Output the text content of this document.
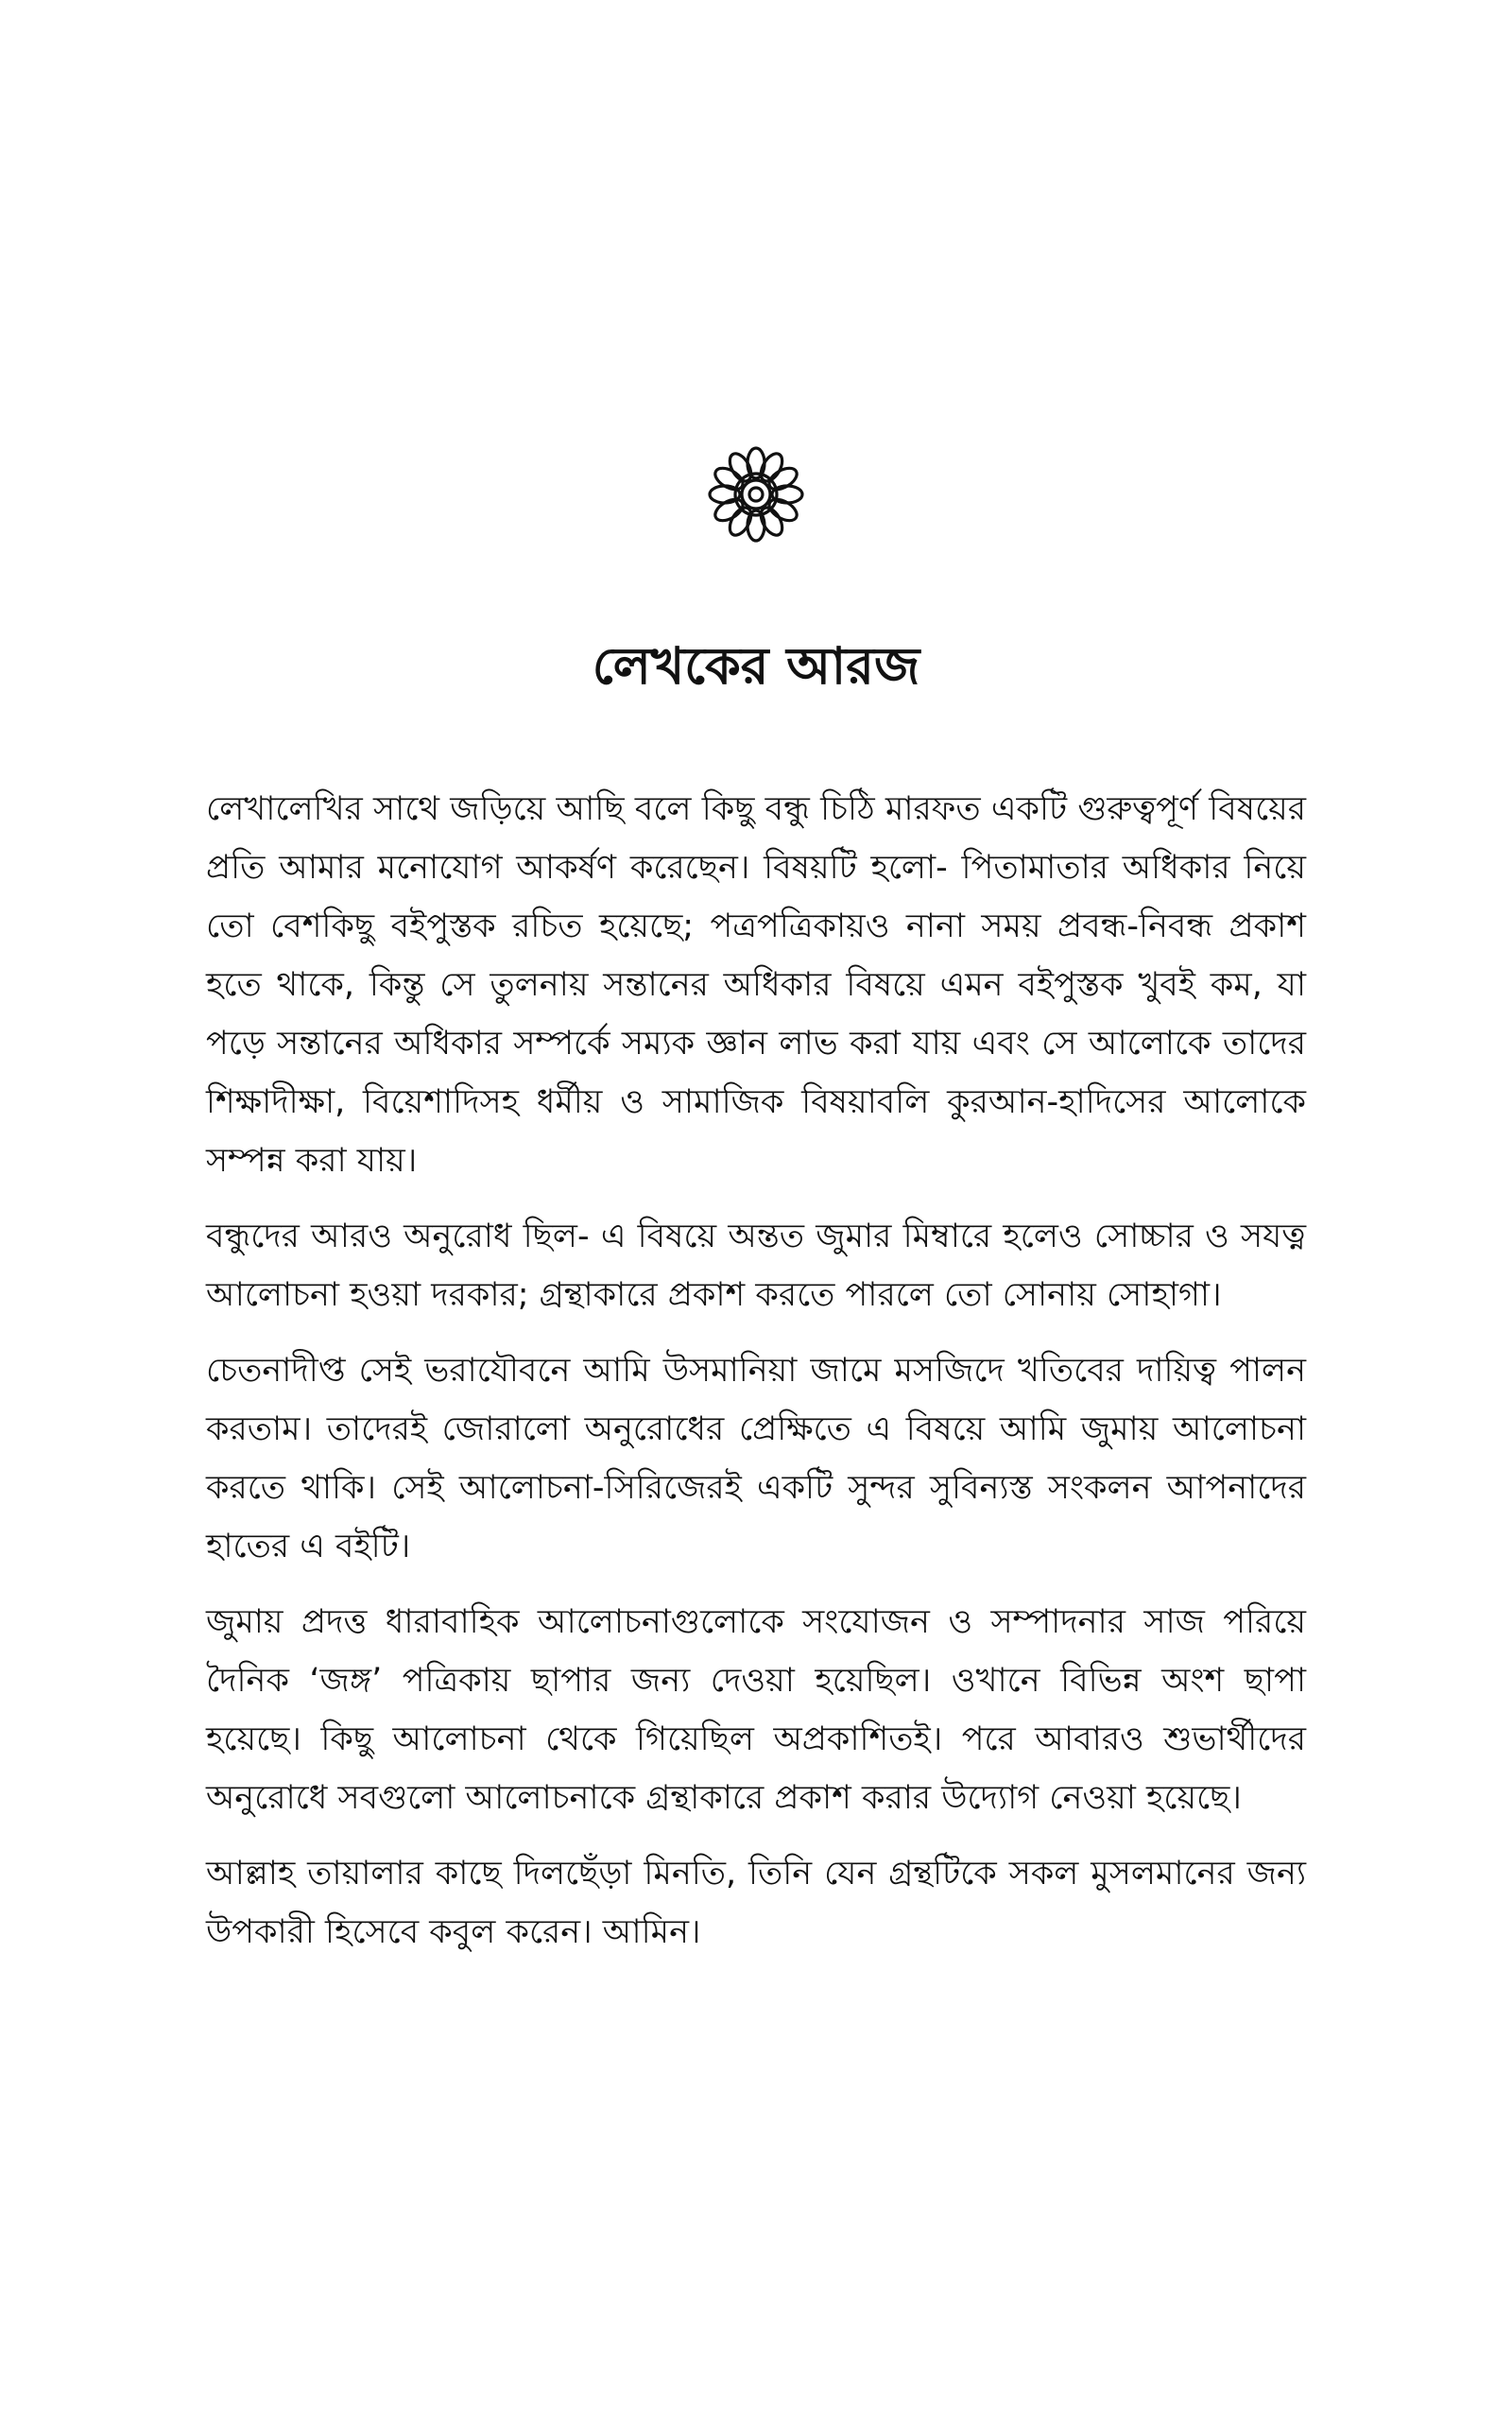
লেখকের আরজ

লেখালেখির সাথে জড়িয়ে আছি বলে কিছু বন্ধু চিঠি মারফত একটি গুরুত্বপূর্ণ বিষয়ের প্রতি আমার মনোযোগ আকর্ষণ করেছেন। বিষয়টি হলো- পিতামাতার অধিকার নিয়ে তো বেশকিছু বইপুস্তক রচিত হয়েছে; পত্রপত্রিকায়ও নানা সময় প্রবন্ধ-নিবন্ধ প্রকাশ হতে থাকে, কিন্তু সে তুলনায় সন্তানের অধিকার বিষয়ে এমন বইপুস্তক খুবই কম, যা পড়ে সন্তানের অধিকার সম্পর্কে সম্যক জ্ঞান লাভ করা যায় এবং সে আলোকে তাদের শিক্ষাদীক্ষা, বিয়েশাদিসহ ধর্মীয় ও সামাজিক বিষয়াবলি কুরআন-হাদিসের আলোকে সম্পন্ন করা যায়।

বন্ধুদের আরও অনুরোধ ছিল- এ বিষয়ে অন্তত জুমার মিম্বারে হলেও সোচ্চার ও সযত্ন আলোচনা হওয়া দরকার; গ্রন্থাকারে প্রকাশ করতে পারলে তো সোনায় সোহাগা।

চেতনাদীপ্ত সেই ভরাযৌবনে আমি উসমানিয়া জামে মসজিদে খতিবের দায়িত্ব পালন করতাম। তাদেরই জোরালো অনুরোধের প্রেক্ষিতে এ বিষয়ে আমি জুমায় আলোচনা করতে থাকি। সেই আলোচনা-সিরিজেরই একটি সুন্দর সুবিন্যস্ত সংকলন আপনাদের হাতের এ বইটি।

জুমায় প্রদত্ত ধারাবাহিক আলোচনাগুলোকে সংযোজন ও সম্পাদনার সাজ পরিয়ে দৈনিক ‘জঙ্গ’ পত্রিকায় ছাপার জন্য দেওয়া হয়েছিল। ওখানে বিভিন্ন অংশ ছাপা হয়েছে। কিছু আলোচনা থেকে গিয়েছিল অপ্রকাশিতই। পরে আবারও শুভার্থীদের অনুরোধে সবগুলো আলোচনাকে গ্রন্থাকারে প্রকাশ করার উদ্যোগ নেওয়া হয়েছে।

আল্লাহ তায়ালার কাছে দিলছেঁড়া মিনতি, তিনি যেন গ্রন্থটিকে সকল মুসলমানের জন্য উপকারী হিসেবে কবুল করেন। আমিন।
